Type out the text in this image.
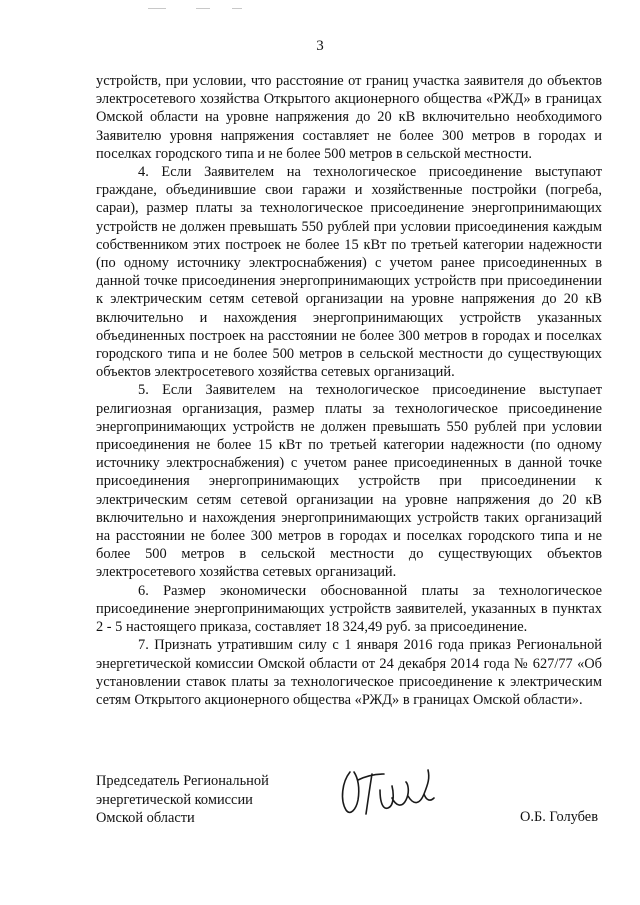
3

устройств, при условии, что расстояние от границ участка заявителя до объектов электросетевого хозяйства Открытого акционерного общества «РЖД» в границах Омской области на уровне напряжения до 20 кВ включительно необходимого Заявителю уровня напряжения составляет не более 300 метров в городах и поселках городского типа и не более 500 метров в сельской местности.

4. Если Заявителем на технологическое присоединение выступают граждане, объединившие свои гаражи и хозяйственные постройки (погреба, сараи), размер платы за технологическое присоединение энергопринимающих устройств не должен превышать 550 рублей при условии присоединения каждым собственником этих построек не более 15 кВт по третьей категории надежности (по одному источнику электроснабжения) с учетом ранее присоединенных в данной точке присоединения энергопринимающих устройств при присоединении к электрическим сетям сетевой организации на уровне напряжения до 20 кВ включительно и нахождения энергопринимающих устройств указанных объединенных построек на расстоянии не более 300 метров в городах и поселках городского типа и не более 500 метров в сельской местности до существующих объектов электросетевого хозяйства сетевых организаций.

5. Если Заявителем на технологическое присоединение выступает религиозная организация, размер платы за технологическое присоединение энергопринимающих устройств не должен превышать 550 рублей при условии присоединения не более 15 кВт по третьей категории надежности (по одному источнику электроснабжения) с учетом ранее присоединенных в данной точке присоединения энергопринимающих устройств при присоединении к электрическим сетям сетевой организации на уровне напряжения до 20 кВ включительно и нахождения энергопринимающих устройств таких организаций на расстоянии не более 300 метров в городах и поселках городского типа и не более 500 метров в сельской местности до существующих объектов электросетевого хозяйства сетевых организаций.

6. Размер экономически обоснованной платы за технологическое присоединение энергопринимающих устройств заявителей, указанных в пунктах 2 - 5 настоящего приказа, составляет 18 324,49 руб. за присоединение.

7. Признать утратившим силу с 1 января 2016 года приказ Региональной энергетической комиссии Омской области от 24 декабря 2014 года № 627/77 «Об установлении ставок платы за технологическое присоединение к электрическим сетям Открытого акционерного общества «РЖД» в границах Омской области».

Председатель Региональной
энергетической комиссии
Омской области	О.Б. Голубев
